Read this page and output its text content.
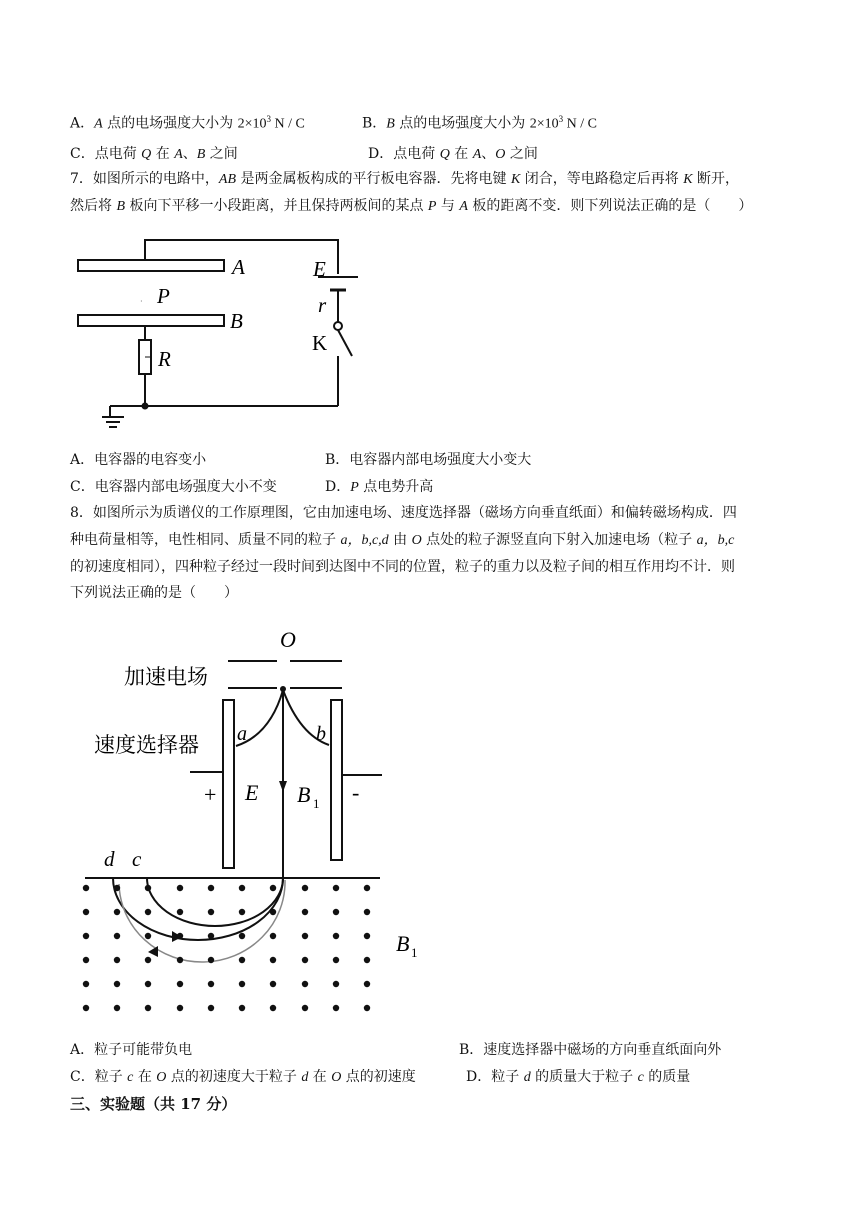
A．A 点的电场强度大小为 $2\times 10^3$ N / C	B．B 点的电场强度大小为 $2\times 10^3$ N / C
C．点电荷 Q 在 A、B 之间	D．点电荷 Q 在 A、O 之间
7．如图所示的电路中，AB 是两金属板构成的平行板电容器．先将电键 K 闭合，等电路稳定后再将 K 断开，
然后将 B 板向下平移一小段距离，并且保持两板间的某点 P 与 A 板的距离不变．则下列说法正确的是（　　）
A
B
· P
R
E
r
K
A．电容器的电容变小	B．电容器内部电场强度大小变大
C．电容器内部电场强度大小不变	D．P 点电势升高
8．如图所示为质谱仪的工作原理图，它由加速电场、速度选择器（磁场方向垂直纸面）和偏转磁场构成．四
种电荷量相等，电性相同、质量不同的粒子 a，b,c,d 由 O 点处的粒子源竖直向下射入加速电场（粒子 a，b,c
的初速度相同），四种粒子经过一段时间到达图中不同的位置，粒子的重力以及粒子间的相互作用均不计．则
下列说法正确的是（　　）
O
加速电场
速度选择器 a	b
+ E B 1 -
d c
B 1
A．粒子可能带负电	B．速度选择器中磁场的方向垂直纸面向外
C．粒子 c 在 O 点的初速度大于粒子 d 在 O 点的初速度	D．粒子 d 的质量大于粒子 c 的质量
三、实验题（共 17 分）
